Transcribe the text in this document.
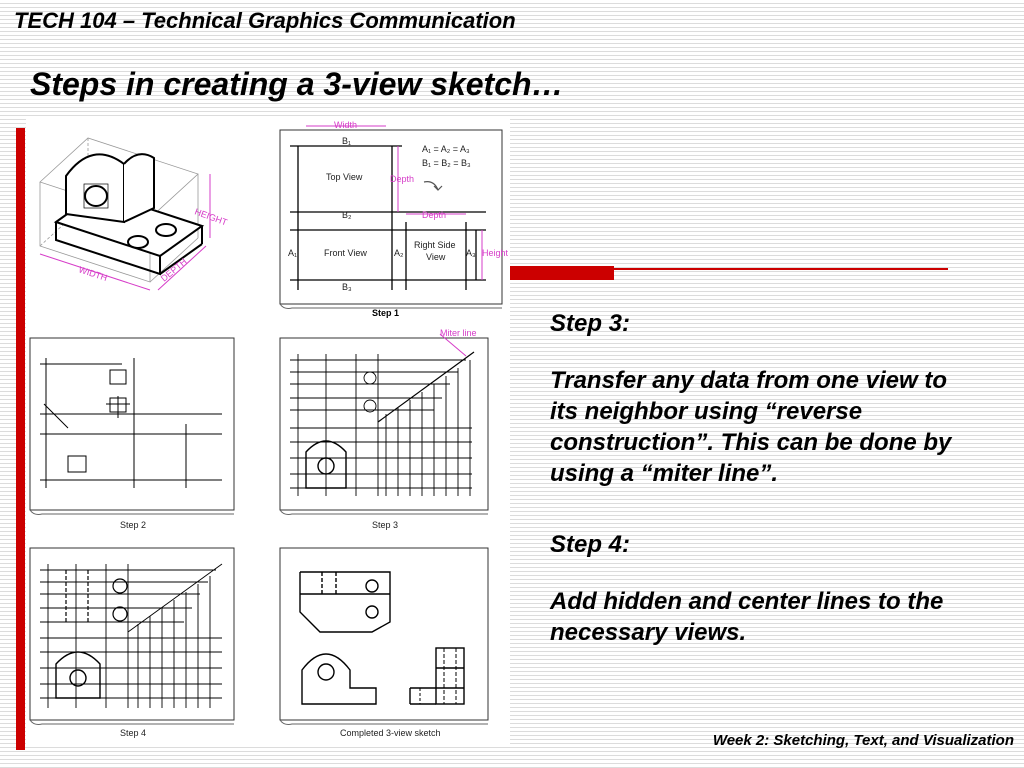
TECH 104 – Technical Graphics Communication
Steps in creating a 3-view sketch…
HEIGHT
WIDTH	DEPTH
Width
Depth
Depth
Height
B₁
B₂
B₃
A₁	A₂	A₃
A₁ = A₂ = A₃
B₁ = B₂ = B₃
Top View
Front View
Right Side
View
Step 1
Step 2
Miter line
Step 3
Step 4	Completed 3-view sketch

Step 3:

Transfer any data from one view to its neighbor using “reverse construction”. This can be done by using a “miter line”.

Step 4:

Add hidden and center lines to the necessary views.

Week 2: Sketching, Text, and Visualization
